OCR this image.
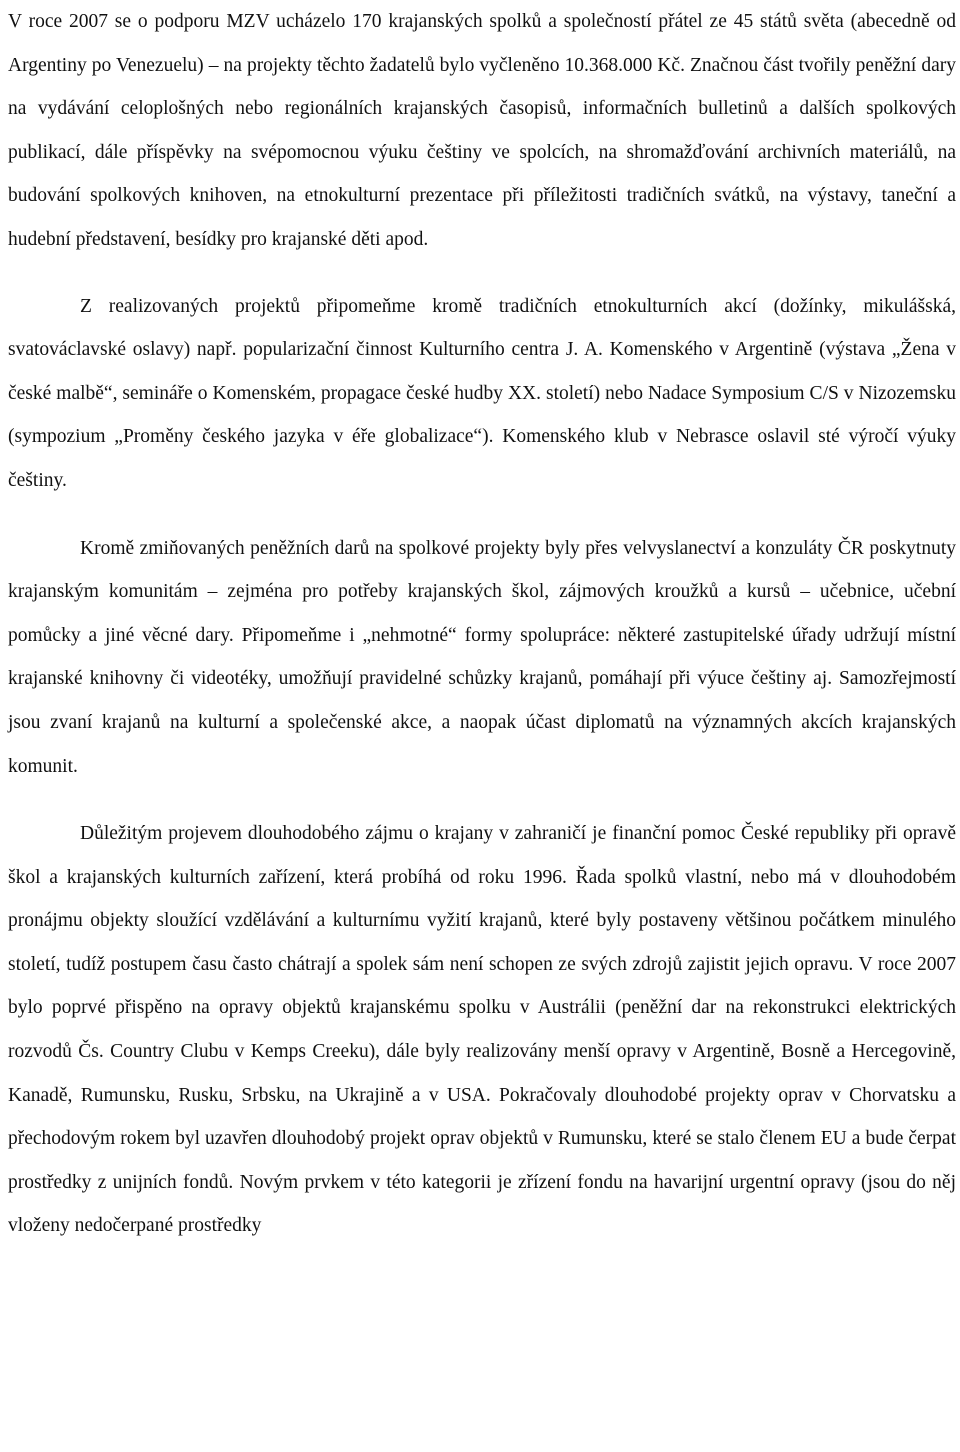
V roce 2007 se o podporu MZV ucházelo 170 krajanských spolků a společností přátel ze 45 států světa (abecedně od Argentiny po Venezuelu) – na projekty těchto žadatelů bylo vyčleněno 10.368.000 Kč. Značnou část tvořily peněžní dary na vydávání celoplošných nebo regionálních krajanských časopisů, informačních bulletinů a dalších spolkových publikací, dále příspěvky na svépomocnou výuku češtiny ve spolcích, na shromažďování archivních materiálů, na budování spolkových knihoven, na etnokulturní prezentace při příležitosti tradičních svátků, na výstavy, taneční a hudební představení, besídky pro krajanské děti apod.

Z realizovaných projektů připomeňme kromě tradičních etnokulturních akcí (dožínky, mikulášská, svatováclavské oslavy) např. popularizační činnost Kulturního centra J. A. Komenského v Argentině (výstava „Žena v české malbě“, semináře o Komenském, propagace české hudby XX. století) nebo Nadace Symposium C/S v Nizozemsku (sympozium „Proměny českého jazyka v éře globalizace“). Komenského klub v Nebrasce oslavil sté výročí výuky češtiny.

Kromě zmiňovaných peněžních darů na spolkové projekty byly přes velvyslanectví a konzuláty ČR poskytnuty krajanským komunitám – zejména pro potřeby krajanských škol, zájmových kroužků a kursů – učebnice, učební pomůcky a jiné věcné dary. Připomeňme i „nehmotné“ formy spolupráce: některé zastupitelské úřady udržují místní krajanské knihovny či videotéky, umožňují pravidelné schůzky krajanů, pomáhají při výuce češtiny aj. Samozřejmostí jsou zvaní krajanů na kulturní a společenské akce, a naopak účast diplomatů na významných akcích krajanských komunit.

Důležitým projevem dlouhodobého zájmu o krajany v zahraničí je finanční pomoc České republiky při opravě škol a krajanských kulturních zařízení, která probíhá od roku 1996. Řada spolků vlastní, nebo má v dlouhodobém pronájmu objekty sloužící vzdělávání a kulturnímu vyžití krajanů, které byly postaveny většinou počátkem minulého století, tudíž postupem času často chátrají a spolek sám není schopen ze svých zdrojů zajistit jejich opravu. V roce 2007 bylo poprvé přispěno na opravy objektů krajanskému spolku v Austrálii (peněžní dar na rekonstrukci elektrických rozvodů Čs. Country Clubu v Kemps Creeku), dále byly realizovány menší opravy v Argentině, Bosně a Hercegovině, Kanadě, Rumunsku, Rusku, Srbsku, na Ukrajině a v USA. Pokračovaly dlouhodobé projekty oprav v Chorvatsku a přechodovým rokem byl uzavřen dlouhodobý projekt oprav objektů v Rumunsku, které se stalo členem EU a bude čerpat prostředky z unijních fondů. Novým prvkem v této kategorii je zřízení fondu na havarijní urgentní opravy (jsou do něj vloženy nedočerpané prostředky
